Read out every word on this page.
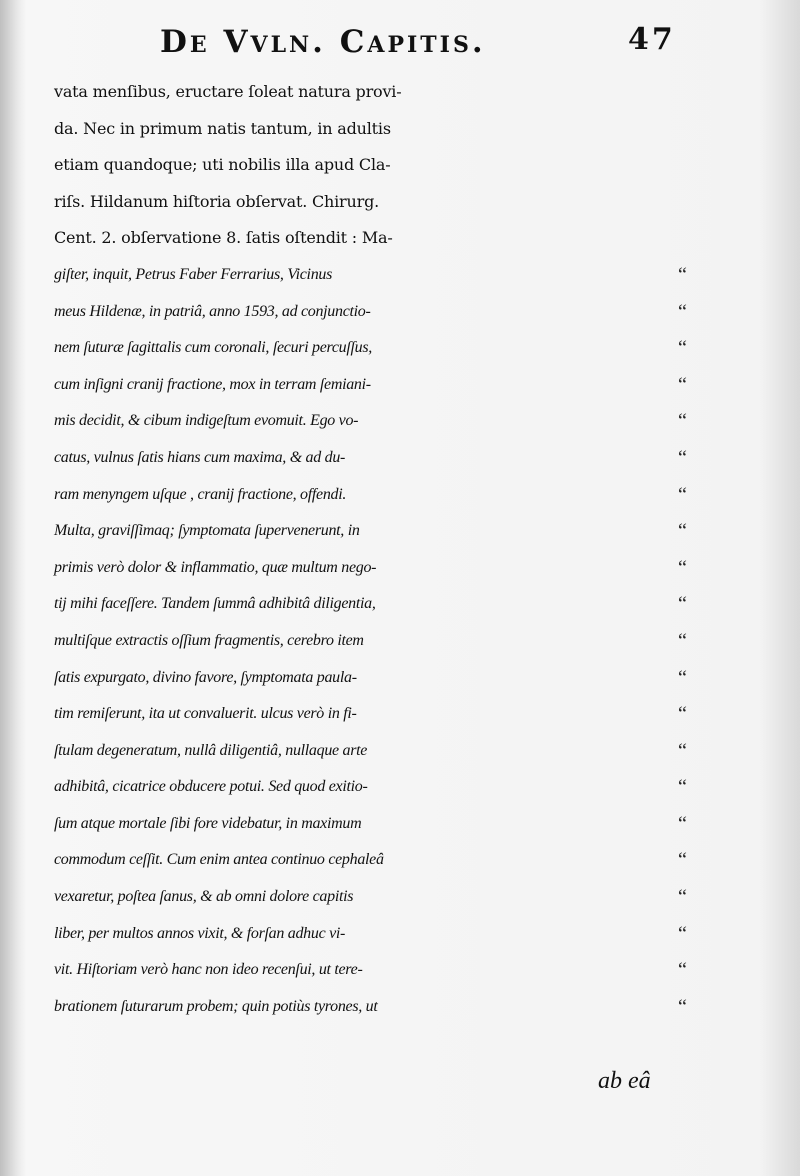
De Vvln. Capitis.	47
vata menſibus, eructare ſoleat natura provi-
da. Nec in primum natis tantum, in adultis
etiam quandoque; uti nobilis illa apud Cla-
riſs. Hildanum hiſtoria obſervat. Chirurg.
Cent. 2. obſervatione 8. ſatis oſtendit : Ma-
giſter, inquit, Petrus Faber Ferrarius, Vicinus
meus Hildenæ, in patriâ, anno 1593, ad conjunctio-
nem ſuturæ ſagittalis cum coronali, ſecuri percuſſus,
cum inſigni cranij fractione, mox in terram ſemiani-
mis decidit, & cibum indigeſtum evomuit. Ego vo-
catus, vulnus ſatis hians cum maxima, & ad du-
ram menyngem uſque , cranij fractione, offendi.
Multa, graviſſimaq; ſymptomata ſupervenerunt, in
primis verò dolor & inflammatio, quæ multum nego-
tij mihi faceſſere. Tandem ſummâ adhibitâ diligentia,
multiſque extractis oſſium fragmentis, cerebro item
ſatis expurgato, divino favore, ſymptomata paula-
tim remiſerunt, ita ut convaluerit. ulcus verò in fi-
ſtulam degeneratum, nullâ diligentiâ, nullaque arte
adhibitâ, cicatrice obducere potui. Sed quod exitio-
ſum atque mortale ſibi fore videbatur, in maximum
commodum ceſſit. Cum enim antea continuo cephaleâ
vexaretur, poſtea ſanus, & ab omni dolore capitis
liber, per multos annos vixit, & forſan adhuc vi-
vit. Hiſtoriam verò hanc non ideo recenſui, ut tere-
brationem ſuturarum probem; quin potiùs tyrones, ut
“
“
“
“
“
“
“
“
“
“
“
“
“
“
“
“
“
“
“
“
“
ab eâ
